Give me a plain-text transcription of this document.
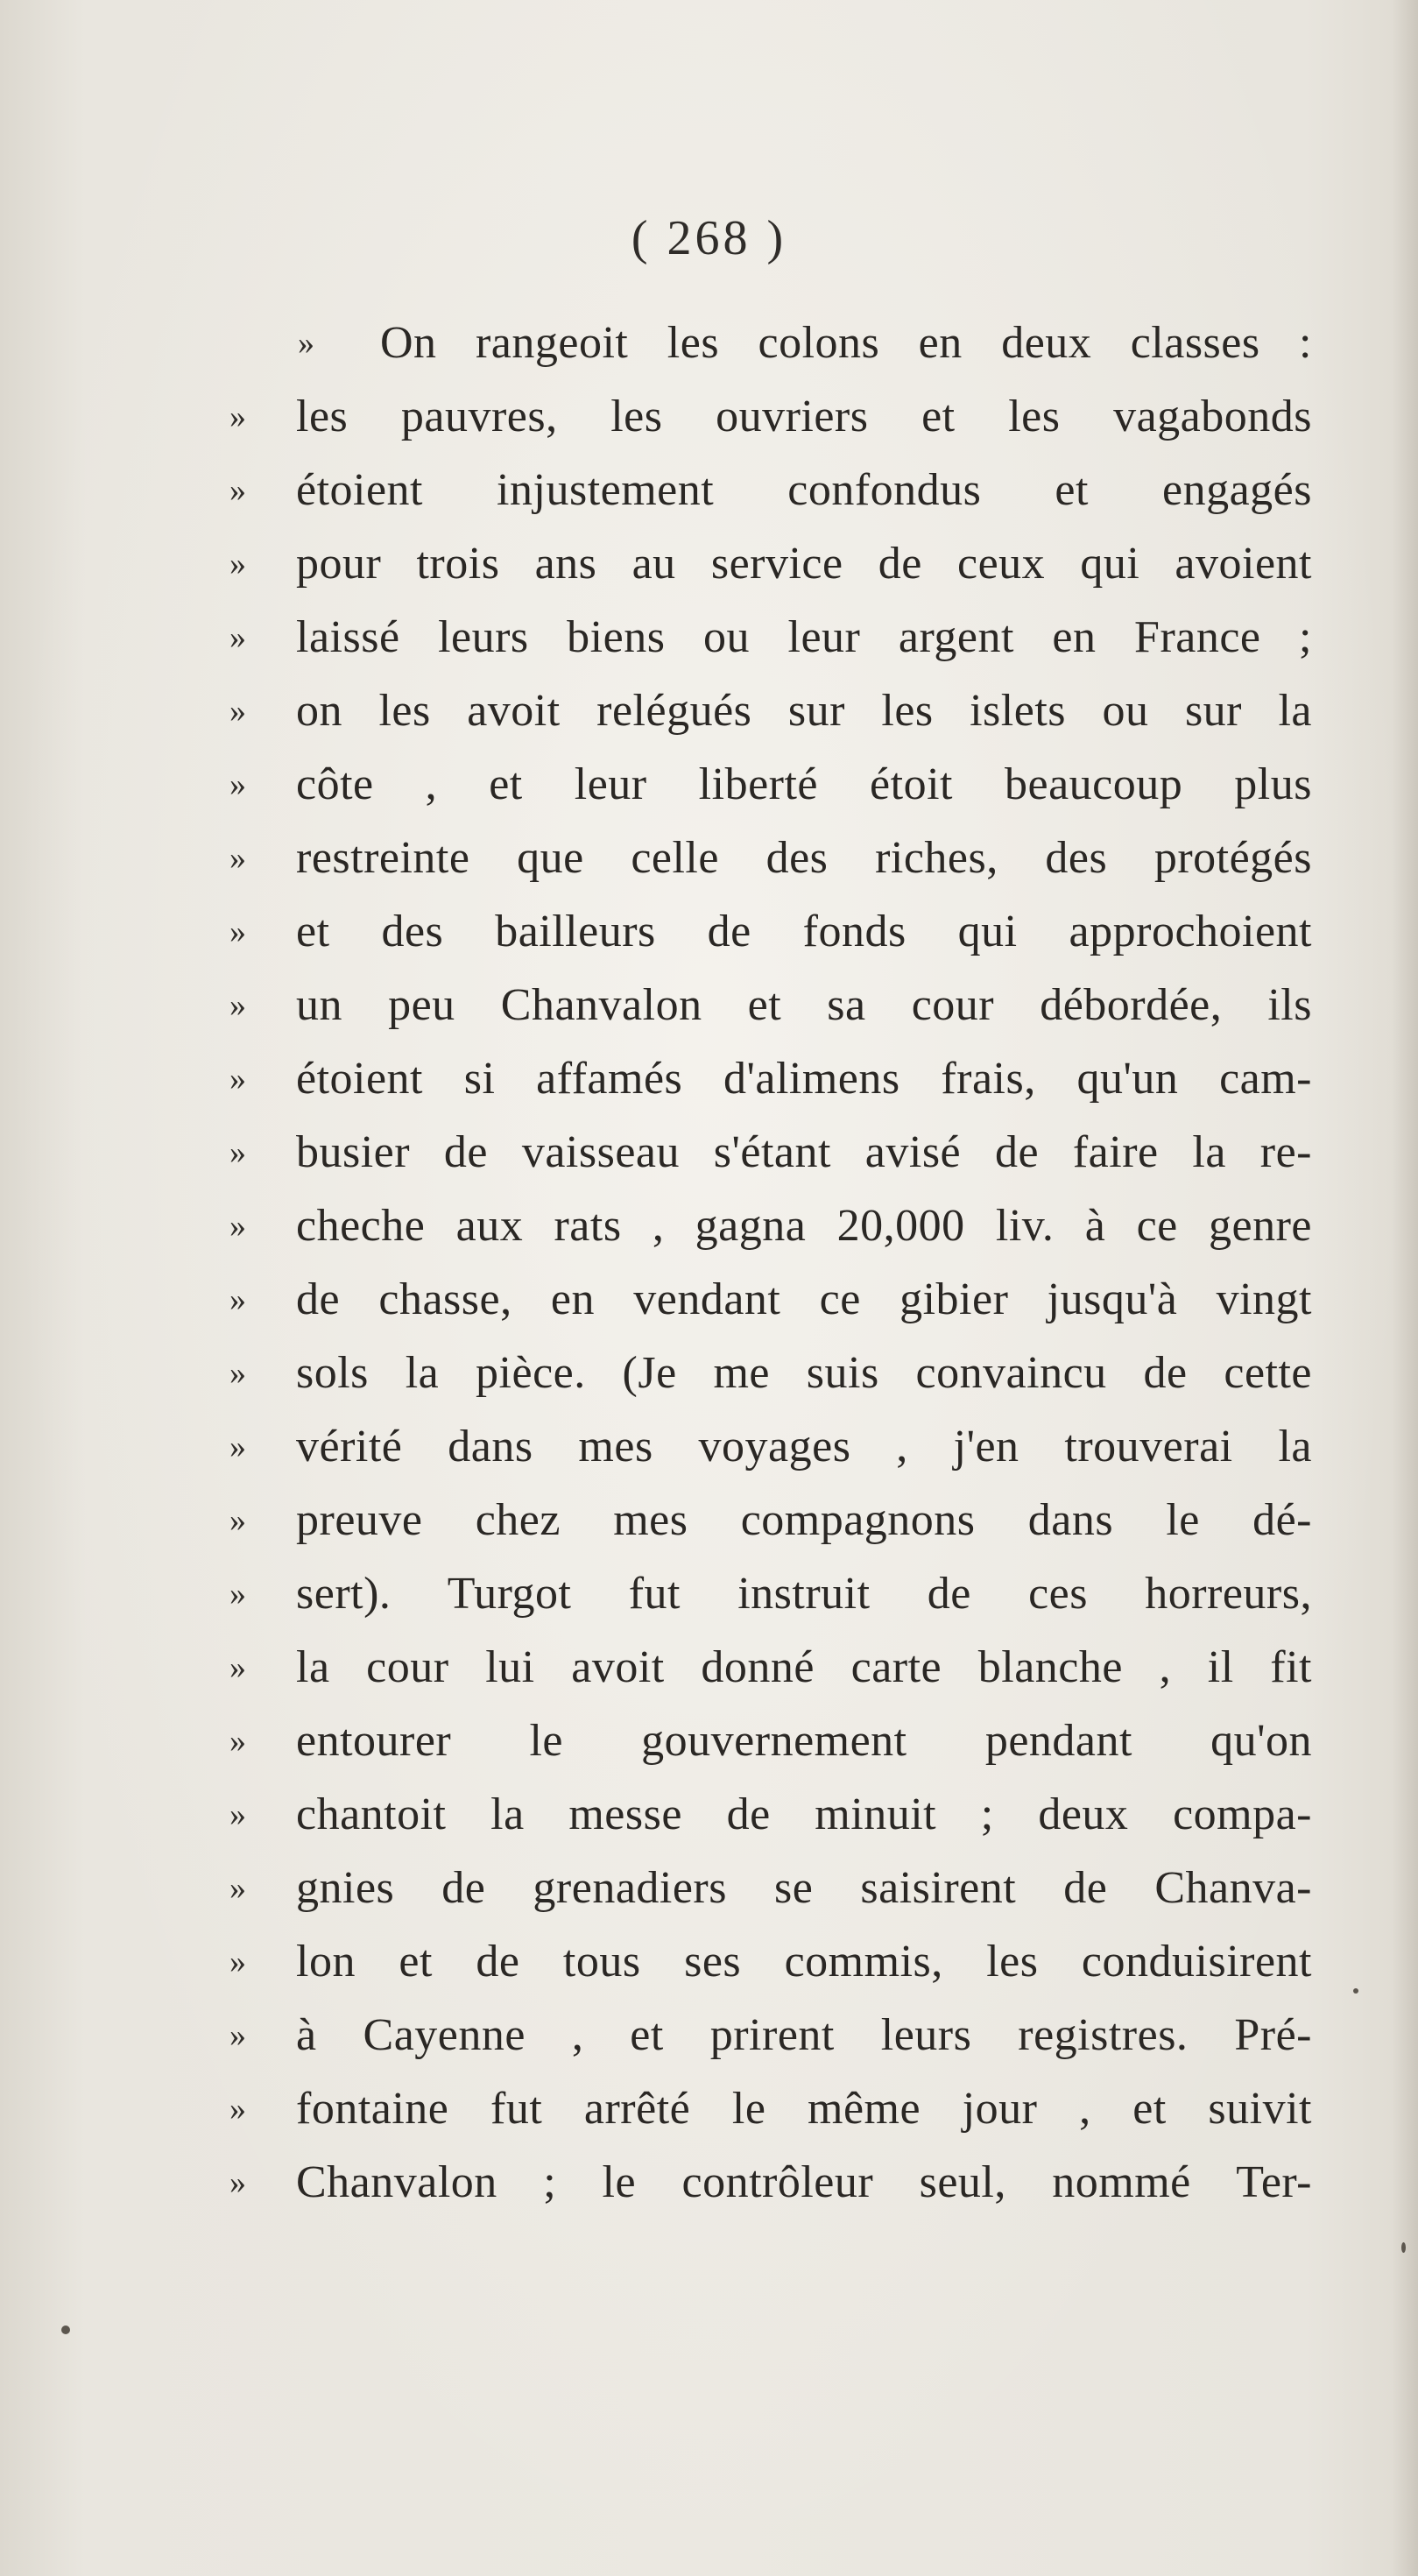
( 268 )
»	On rangeoit les colons en deux classes :
»	les pauvres, les ouvriers et les vagabonds
»	étoient injustement confondus et engagés
»	pour trois ans au service de ceux qui avoient
»	laissé leurs biens ou leur argent en France ;
»	on les avoit relégués sur les islets ou sur la
»	côte , et leur liberté étoit beaucoup plus
»	restreinte que celle des riches, des protégés
»	et des bailleurs de fonds qui approchoient
»	un peu Chanvalon et sa cour débordée, ils
»	étoient si affamés d'alimens frais, qu'un cam-
»	busier de vaisseau s'étant avisé de faire la re-
»	cheche aux rats , gagna 20,000 liv. à ce genre
»	de chasse, en vendant ce gibier jusqu'à vingt
»	sols la pièce. (Je me suis convaincu de cette
»	vérité dans mes voyages , j'en trouverai la
»	preuve chez mes compagnons dans le dé-
»	sert). Turgot fut instruit de ces horreurs,
»	la cour lui avoit donné carte blanche , il fit
»	entourer le gouvernement pendant qu'on
»	chantoit la messe de minuit ; deux compa-
»	gnies de grenadiers se saisirent de Chanva-
»	lon et de tous ses commis, les conduisirent
»	à Cayenne , et prirent leurs registres. Pré-
»	fontaine fut arrêté le même jour , et suivit
»	Chanvalon ; le contrôleur seul, nommé Ter-
